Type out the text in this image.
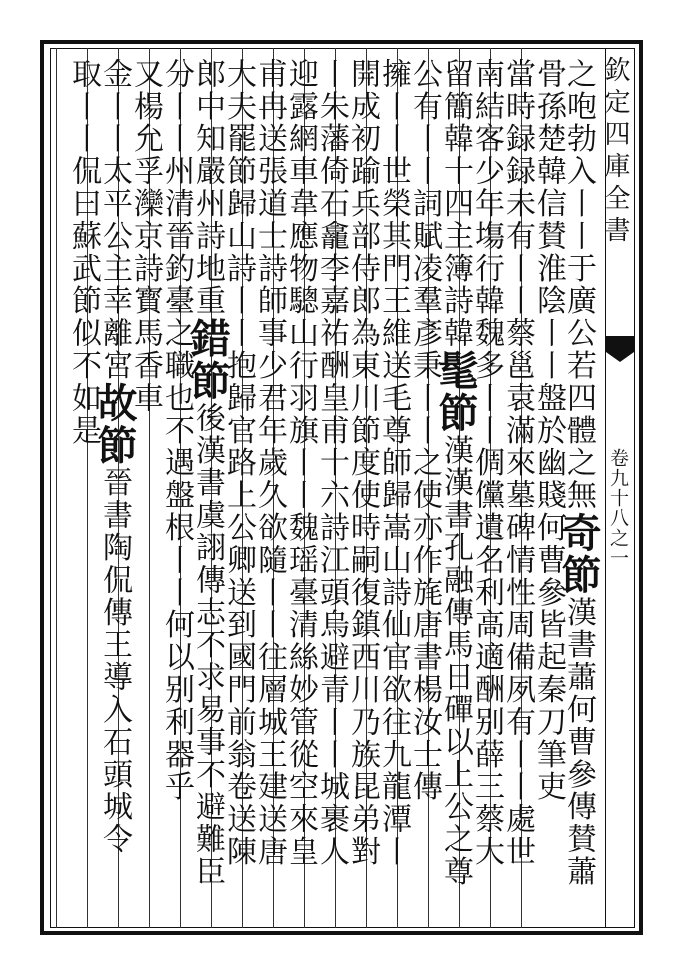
欽定四庫全書
卷九十八之一
之咆勃入丨丨于廣公若四體之無奇節漢書蕭何曹參傳賛蕭
骨孫楚韓信賛淮陰丨丨盤於幽賤何曹參皆起秦刀筆吏
當時録録未有丨丨蔡邕袁滿來墓碑情性周備夙有丨丨處世
南結客少年塲行韓魏多丨丨倜儻遺名利高適酬别薛三蔡大
留簡韓十四主簿詩韓髦節漢漢書孔融傳馬日磾以上公之尊
公有丨丨詞賦凌羣彥秉丨丨之使亦作旄唐書楊汝士傳
擁丨丨世榮其門王維送毛尊師歸嵩山詩仙官欲往九龍潭丨
開成初踰兵部侍郎為東川節度使時嗣復鎮西川乃族昆弟對
丨朱藩倚石龕李嘉祐酬皇甫十六詩江頭烏避青丨丨城裹人
迎露網車韋應物驄山行羽旗丨丨魏瑶臺清絲妙管從空來皇
甫冉送張道士詩師事少君年歲久欲隨丨丨往層城王建送唐
大夫罷節歸山詩丨丨抱歸官路上公卿送到國門前翁卷送陳
郎中知嚴州詩地重錯節後漢書虞詡傳志不求易事不避難臣
分丨丨州清晉釣臺之職也不遇盤根丨丨何以别利器乎
又楊允孚灤京詩寳馬香車
金丨丨太平公主幸離宮故節晉書陶侃傳王導入石頭城令
取丨丨侃曰蘇武節似不如是
